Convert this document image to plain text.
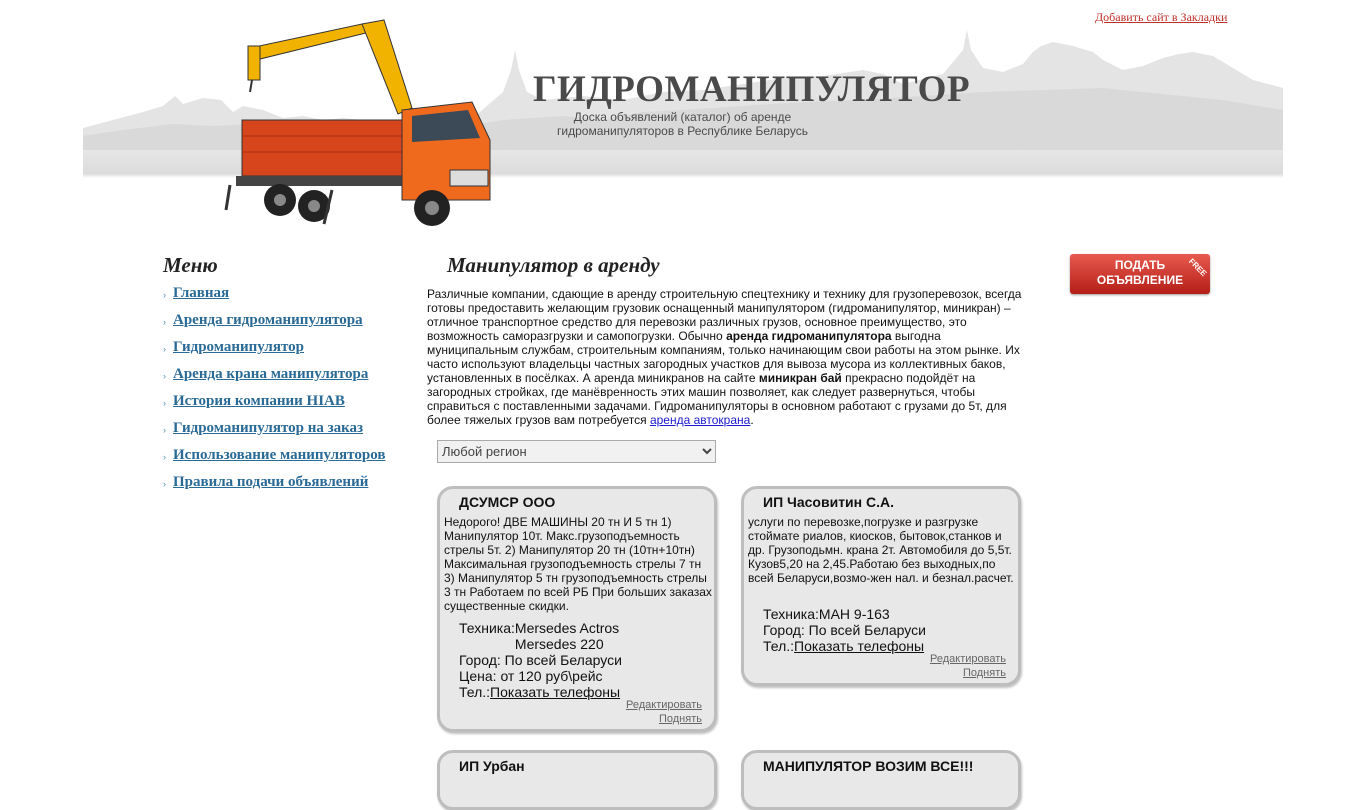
Добавить сайт в Закладки
ГИДРОМАНИПУЛЯТОР
Доска объявлений (каталог) об аренде гидроманипуляторов в Республике Беларусь
Меню
› Главная
› Аренда гидроманипулятора
› Гидроманипулятор
› Аренда крана манипулятора
› История компании HIAB
› Гидроманипулятор на заказ
› Использование манипуляторов
› Правила подачи объявлений
Манипулятор в аренду
Различные компании, сдающие в аренду строительную спецтехнику и технику для грузоперевозок, всегда готовы предоставить желающим грузовик оснащенный манипулятором (гидроманипулятор, миникран) – отличное транспортное средство для перевозки различных грузов, основное преимущество, это возможность саморазгрузки и самопогрузки. Обычно аренда гидроманипулятора выгодна муниципальным службам, строительным компаниям, только начинающим свои работы на этом рынке. Их часто используют владельцы частных загородных участков для вывоза мусора из коллективных баков, установленных в посёлках. А аренда миникранов на сайте миникран бай прекрасно подойдёт на загородных стройках, где манёвренность этих машин позволяет, как следует развернуться, чтобы справиться с поставленными задачами. Гидроманипуляторы в основном работают с грузами до 5т, для более тяжелых грузов вам потребуется аренда автокрана.
Любой регион
ПОДАТЬ
ОБЪЯВЛЕНИЕ
FREE
ДСУМСР ООО
Недорого! ДВЕ МАШИНЫ 20 тн И 5 тн 1) Манипулятор 10т. Макс.грузоподъемность стрелы 5т. 2) Манипулятор 20 тн (10тн+10тн) Максимальная грузоподъемность стрелы 7 тн 3) Манипулятор 5 тн грузоподъемность стрелы 3 тн Работаем по всей РБ При больших заказах существенные скидки.
Техника:Mersedes Actros
Mersedes 220
Город: По всей Беларуси
Цена: от 120 руб\рейс
Тел.:Показать телефоны
Редактировать
Поднять
ИП Часовитин С.А.
услуги по перевозке,погрузке и разгрузке стоймате риалов, киосков, бытовок,станков и др. Грузоподьмн. крана 2т. Автомобиля до 5,5т. Кузов5,20 на 2,45.Работаю без выходных,по всей Беларуси,возмо-жен нал. и безнал.расчет.
Техника:МАН 9-163
Город: По всей Беларуси
Тел.:Показать телефоны
Редактировать
Поднять
ИП Урбан	МАНИПУЛЯТОР ВОЗИМ ВСЕ!!!
